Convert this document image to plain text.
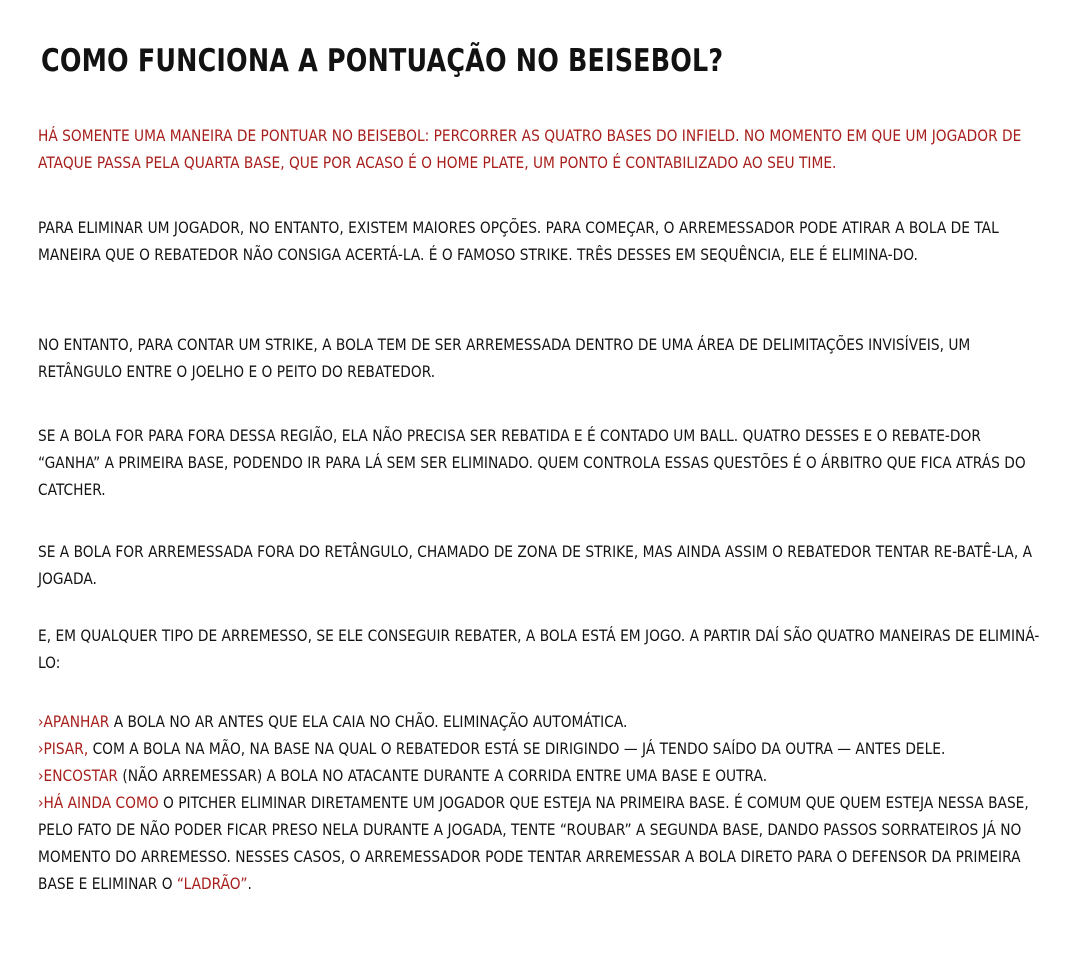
COMO FUNCIONA A PONTUAÇÃO NO BEISEBOL?

HÁ SOMENTE UMA MANEIRA DE PONTUAR NO BEISEBOL: PERCORRER AS QUATRO BASES DO INFIELD. NO MOMENTO EM QUE UM JOGADOR DE ATAQUE PASSA PELA QUARTA BASE, QUE POR ACASO É O HOME PLATE, UM PONTO É CONTABILIZADO AO SEU TIME.

PARA ELIMINAR UM JOGADOR, NO ENTANTO, EXISTEM MAIORES OPÇÕES. PARA COMEÇAR, O ARREMESSADOR PODE ATIRAR A BOLA DE TAL MANEIRA QUE O REBATEDOR NÃO CONSIGA ACERTÁ-LA. É O FAMOSO STRIKE. TRÊS DESSES EM SEQUÊNCIA, ELE É ELIMINA-DO.

NO ENTANTO, PARA CONTAR UM STRIKE, A BOLA TEM DE SER ARREMESSADA DENTRO DE UMA ÁREA DE DELIMITAÇÕES INVISÍVEIS, UM RETÂNGULO ENTRE O JOELHO E O PEITO DO REBATEDOR.

SE A BOLA FOR PARA FORA DESSA REGIÃO, ELA NÃO PRECISA SER REBATIDA E É CONTADO UM BALL. QUATRO DESSES E O REBATE-DOR “GANHA” A PRIMEIRA BASE, PODENDO IR PARA LÁ SEM SER ELIMINADO. QUEM CONTROLA ESSAS QUESTÕES É O ÁRBITRO QUE FICA ATRÁS DO CATCHER.

SE A BOLA FOR ARREMESSADA FORA DO RETÂNGULO, CHAMADO DE ZONA DE STRIKE, MAS AINDA ASSIM O REBATEDOR TENTAR RE-BATÊ-LA, A JOGADA.

E, EM QUALQUER TIPO DE ARREMESSO, SE ELE CONSEGUIR REBATER, A BOLA ESTÁ EM JOGO. A PARTIR DAÍ SÃO QUATRO MANEIRAS DE ELIMINÁ-LO:

›APANHAR A BOLA NO AR ANTES QUE ELA CAIA NO CHÃO. ELIMINAÇÃO AUTOMÁTICA.
›PISAR, COM A BOLA NA MÃO, NA BASE NA QUAL O REBATEDOR ESTÁ SE DIRIGINDO — JÁ TENDO SAÍDO DA OUTRA — ANTES DELE.
›ENCOSTAR (NÃO ARREMESSAR) A BOLA NO ATACANTE DURANTE A CORRIDA ENTRE UMA BASE E OUTRA.
›HÁ AINDA COMO O PITCHER ELIMINAR DIRETAMENTE UM JOGADOR QUE ESTEJA NA PRIMEIRA BASE. É COMUM QUE QUEM ESTEJA NESSA BASE, PELO FATO DE NÃO PODER FICAR PRESO NELA DURANTE A JOGADA, TENTE “ROUBAR” A SEGUNDA BASE, DANDO PASSOS SORRATEIROS JÁ NO MOMENTO DO ARREMESSO. NESSES CASOS, O ARREMESSADOR PODE TENTAR ARREMESSAR A BOLA DIRETO PARA O DEFENSOR DA PRIMEIRA BASE E ELIMINAR O “LADRÃO”.
